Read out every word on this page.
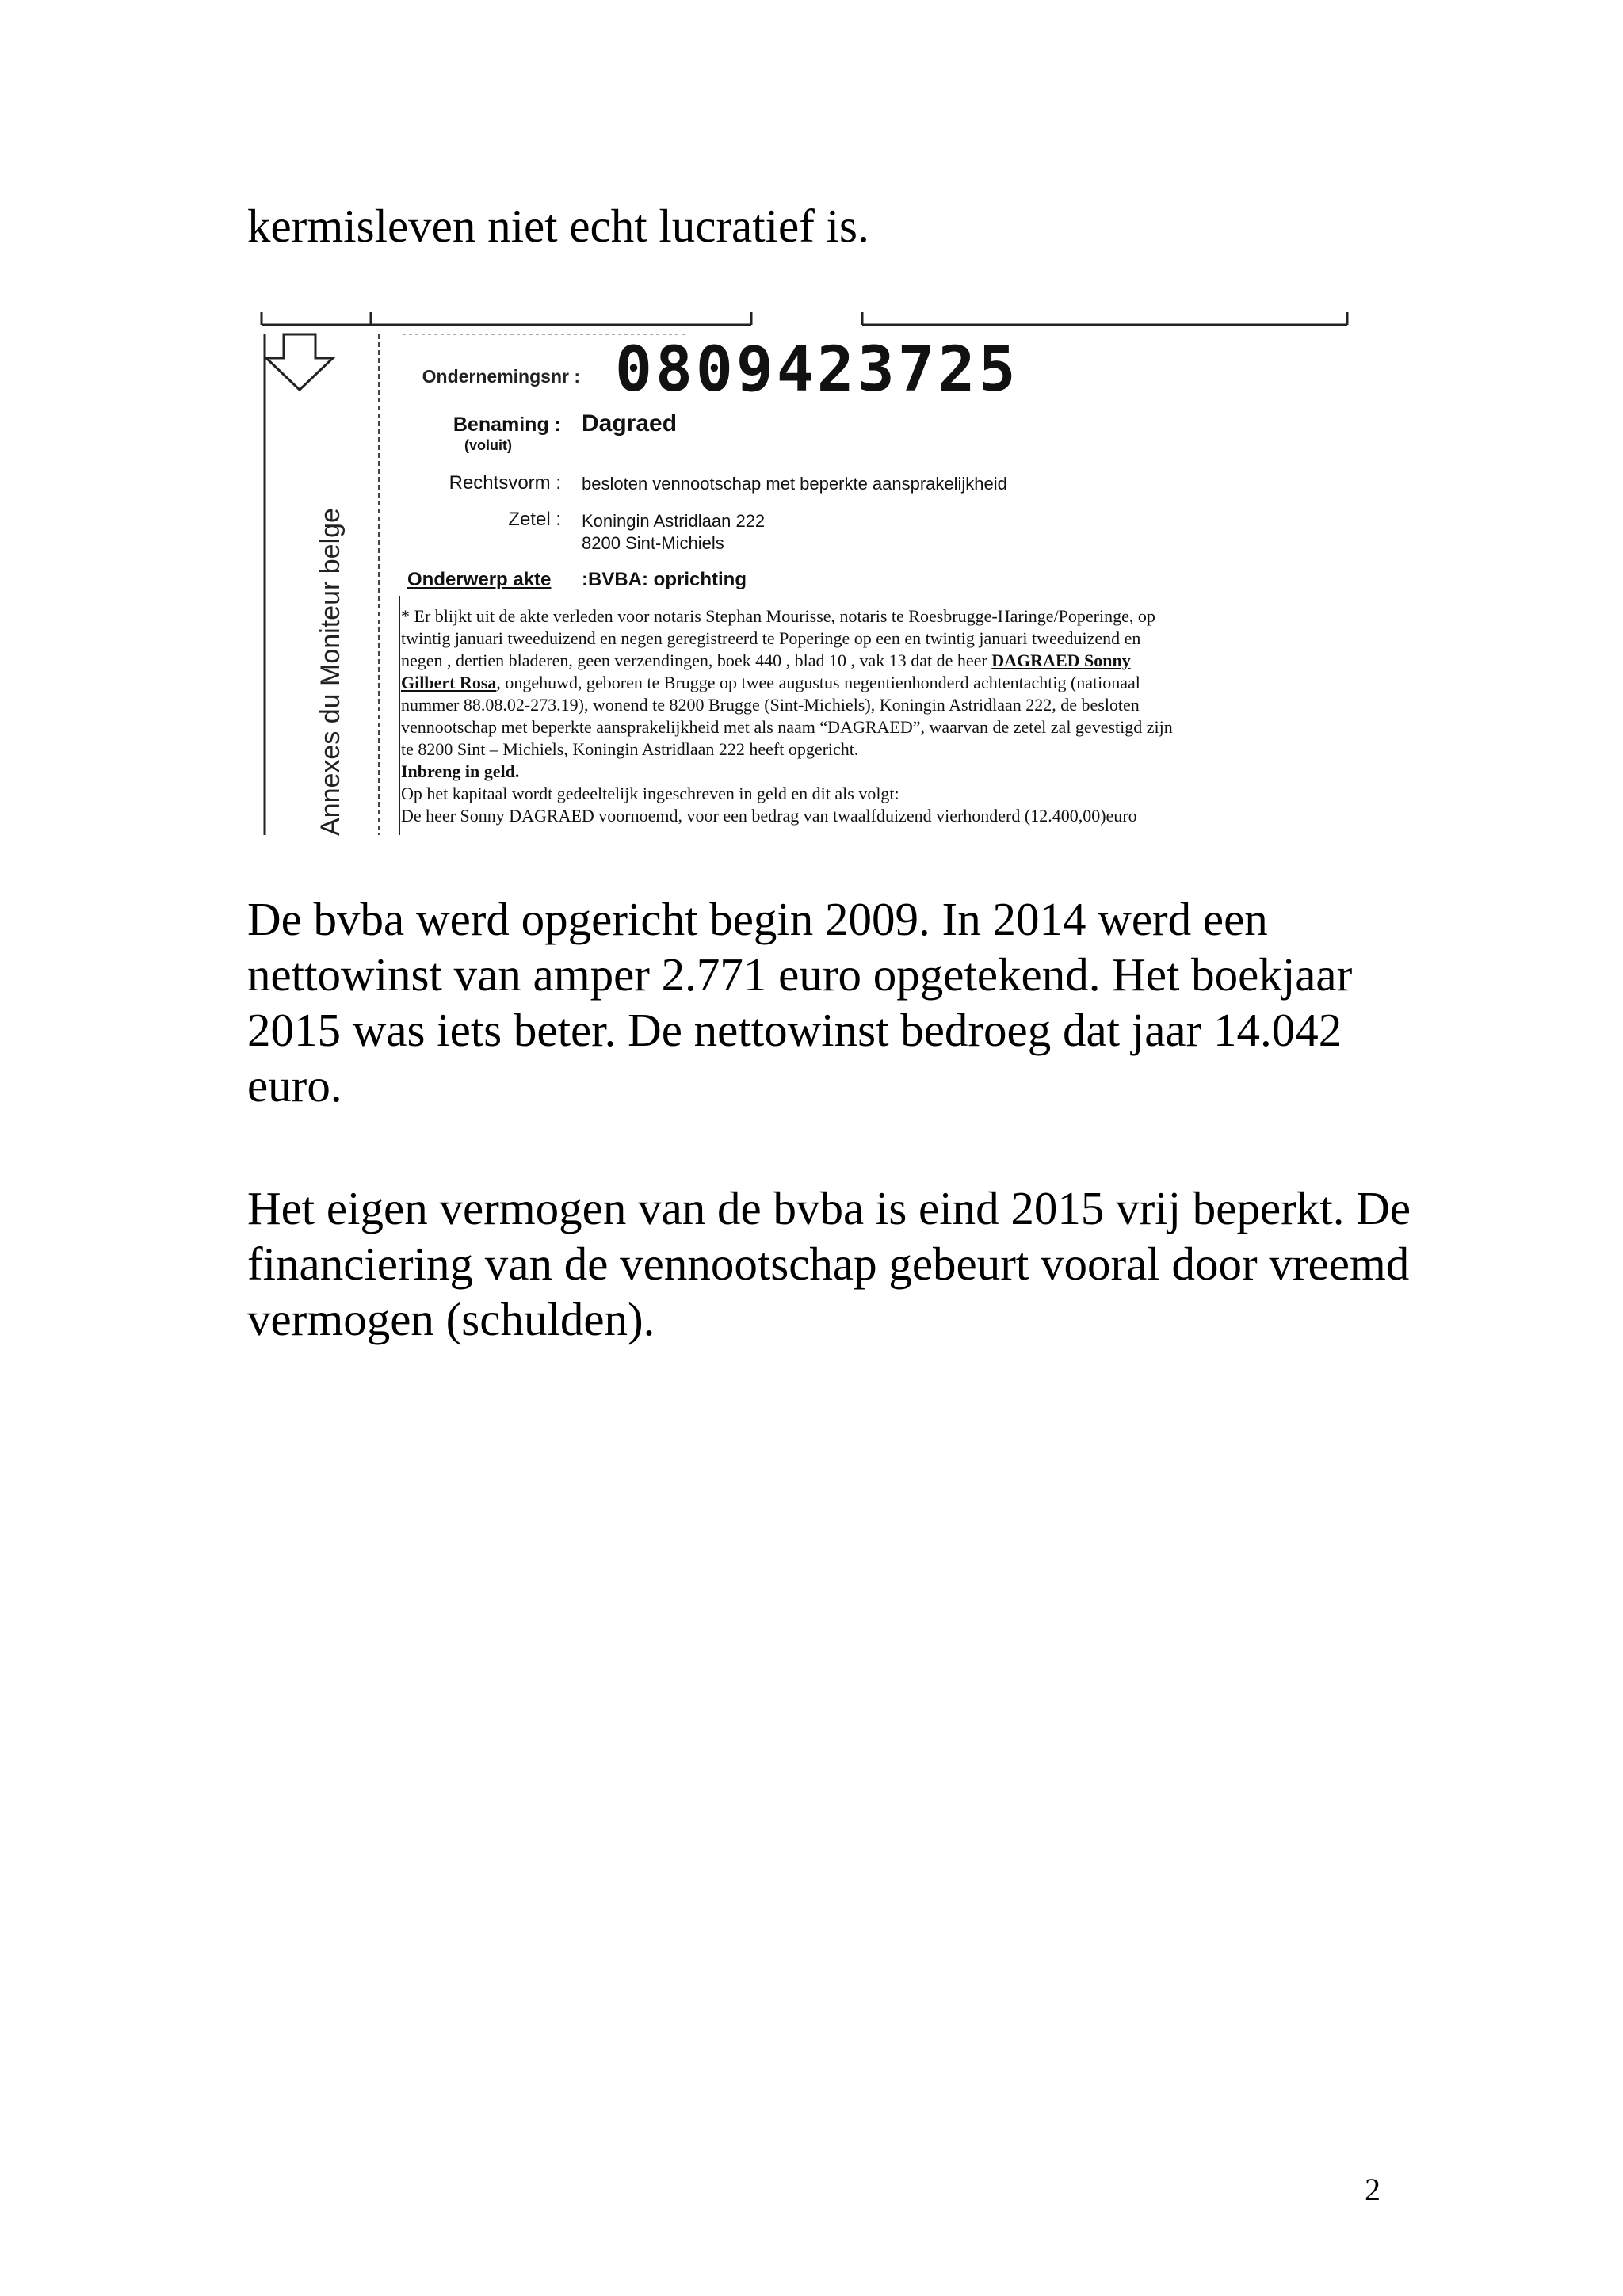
kermisleven niet echt lucratief is.

Ondernemingsnr : 0809423725
Benaming :
(voluit)
Dagraed
Rechtsvorm : besloten vennootschap met beperkte aansprakelijkheid
Zetel : Koningin Astridlaan 222
8200 Sint-Michiels
Onderwerp akte :BVBA: oprichting
* Er blijkt uit de akte verleden voor notaris Stephan Mourisse, notaris te Roesbrugge-Haringe/Poperinge, op
twintig januari tweeduizend en negen geregistreerd te Poperinge op een en twintig januari tweeduizend en
negen , dertien bladeren, geen verzendingen, boek 440 , blad 10 , vak 13 dat de heer DAGRAED Sonny
Gilbert Rosa, ongehuwd, geboren te Brugge op twee augustus negentienhonderd achtentachtig (nationaal
nummer 88.08.02-273.19), wonend te 8200 Brugge (Sint-Michiels), Koningin Astridlaan 222, de besloten
vennootschap met beperkte aansprakelijkheid met als naam “DAGRAED”, waarvan de zetel zal gevestigd zijn
te 8200 Sint – Michiels, Koningin Astridlaan 222 heeft opgericht.
Inbreng in geld.
Op het kapitaal wordt gedeeltelijk ingeschreven in geld en dit als volgt:
De heer Sonny DAGRAED voornoemd, voor een bedrag van twaalfduizend vierhonderd (12.400,00)euro
Annexes du Moniteur belge

De bvba werd opgericht begin 2009. In 2014 werd een nettowinst van amper 2.771 euro opgetekend. Het boekjaar 2015 was iets beter. De nettowinst bedroeg dat jaar 14.042 euro.

Het eigen vermogen van de bvba is eind 2015 vrij beperkt. De financiering van de vennootschap gebeurt vooral door vreemd vermogen (schulden).

2
